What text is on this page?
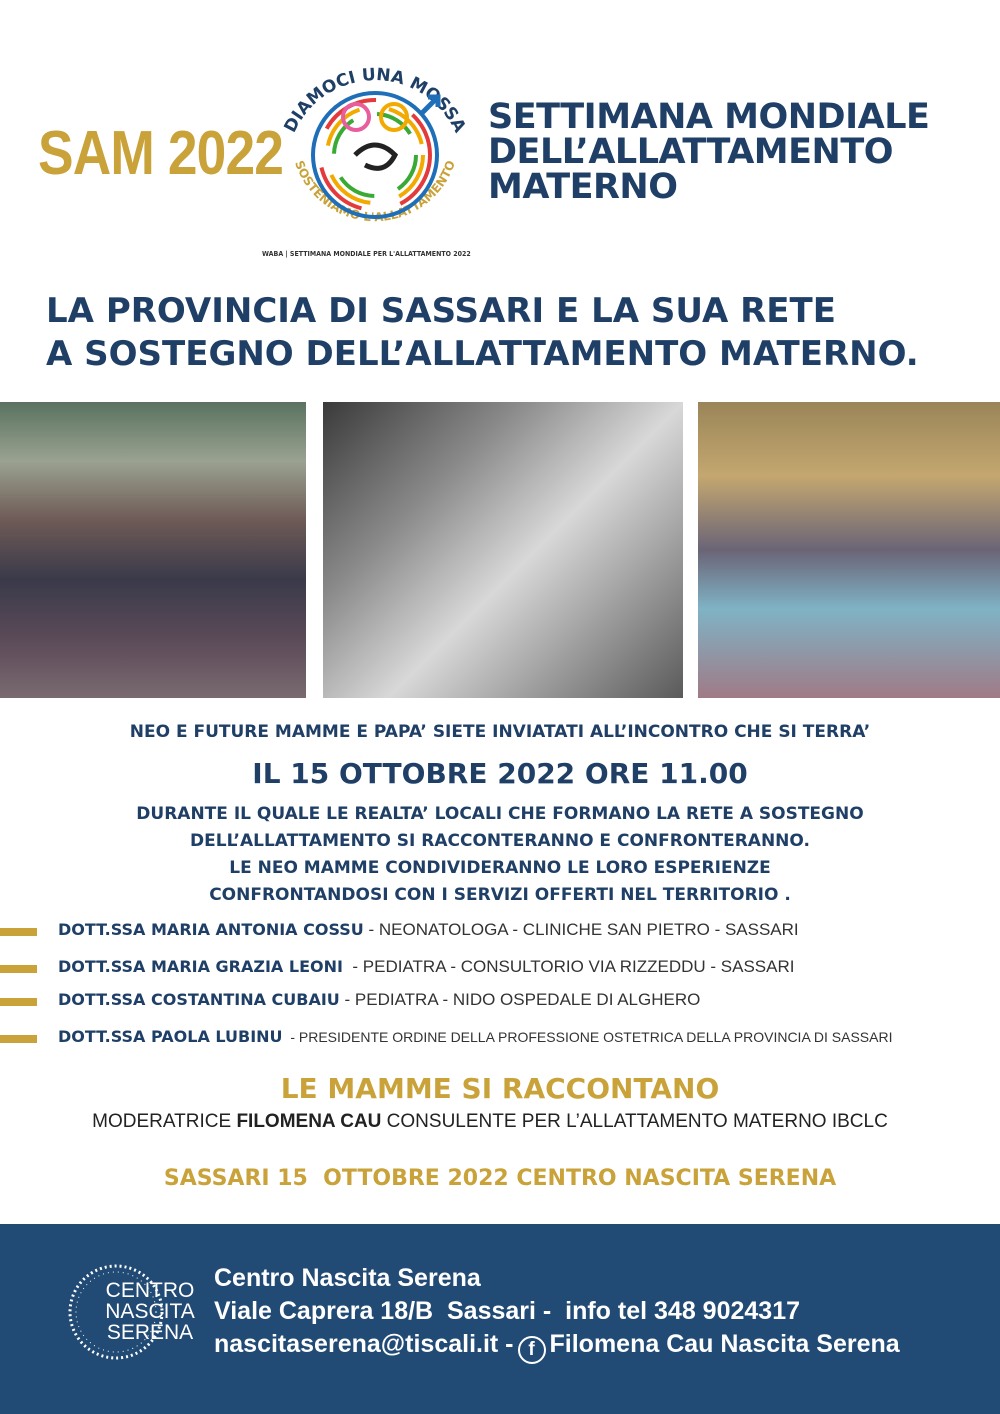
SAM 2022
DIAMOCI UNA MOSSA
SOSTENIAMO L'ALLATTAMENTO
WABA | SETTIMANA MONDIALE PER L'ALLATTAMENTO 2022
SETTIMANA MONDIALE
DELL’ALLATTAMENTO
MATERNO
LA PROVINCIA DI SASSARI E LA SUA RETE
A SOSTEGNO DELL’ALLATTAMENTO MATERNO.
NEO E FUTURE MAMME E PAPA’ SIETE INVIATATI ALL’INCONTRO CHE SI TERRA’
IL 15 OTTOBRE 2022 ORE 11.00
DURANTE IL QUALE LE REALTA’ LOCALI CHE FORMANO LA RETE A SOSTEGNO
DELL’ALLATTAMENTO SI RACCONTERANNO E CONFRONTERANNO.
LE NEO MAMME CONDIVIDERANNO LE LORO ESPERIENZE
CONFRONTANDOSI CON I SERVIZI OFFERTI NEL TERRITORIO .
DOTT.SSA MARIA ANTONIA COSSU - NEONATOLOGA - CLINICHE SAN PIETRO - SASSARI
DOTT.SSA MARIA GRAZIA LEONI  - PEDIATRA - CONSULTORIO VIA RIZZEDDU - SASSARI
DOTT.SSA COSTANTINA CUBAIU - PEDIATRA - NIDO OSPEDALE DI ALGHERO
DOTT.SSA PAOLA LUBINU  - PRESIDENTE ORDINE DELLA PROFESSIONE OSTETRICA DELLA PROVINCIA DI SASSARI
LE MAMME SI RACCONTANO
MODERATRICE FILOMENA CAU CONSULENTE PER L’ALLATTAMENTO MATERNO IBCLC
SASSARI 15  OTTOBRE 2022 CENTRO NASCITA SERENA
CENTRO
NASCITA
SERENA
Centro Nascita Serena
Viale Caprera 18/B  Sassari -  info tel 348 9024317
nascitaserena@tiscali.it - f Filomena Cau Nascita Serena
